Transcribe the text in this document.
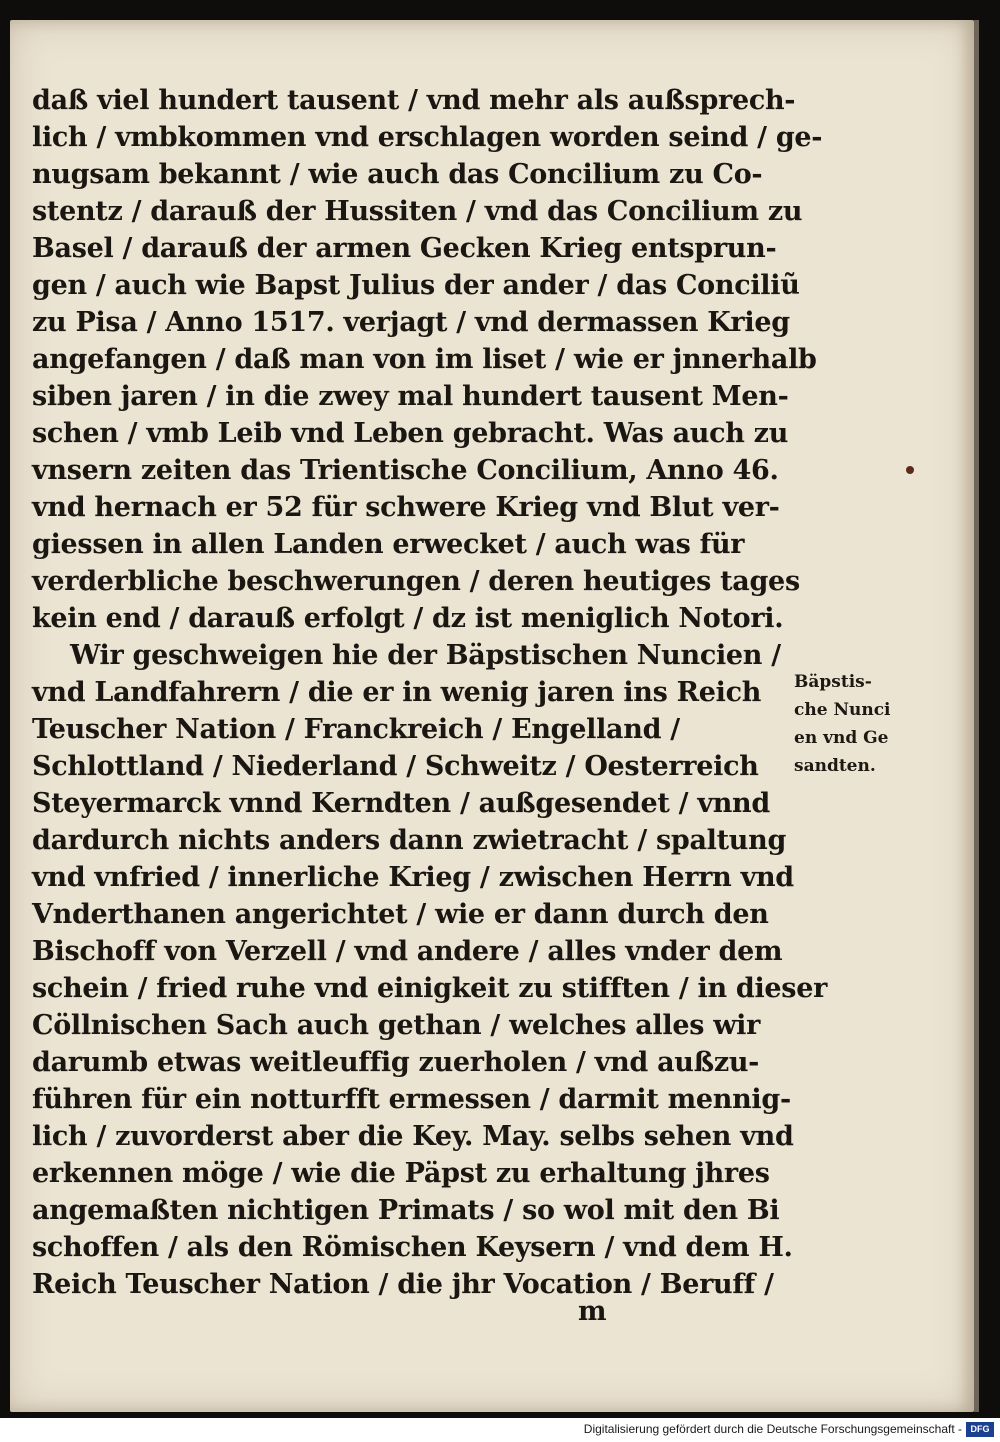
daß viel hundert tausent / vnd mehr als außsprech-
lich / vmbkommen vnd erschlagen worden seind / ge-
nugsam bekannt / wie auch das Concilium zu Co-
stentz / darauß der Hussiten / vnd das Concilium zu
Basel / darauß der armen Gecken Krieg entsprun-
gen / auch wie Bapst Julius der ander / das Conciliũ
zu Pisa / Anno 1517. verjagt / vnd dermassen Krieg
angefangen / daß man von im liset / wie er jnnerhalb
siben jaren / in die zwey mal hundert tausent Men-
schen / vmb Leib vnd Leben gebracht. Was auch zu
vnsern zeiten das Trientische Concilium, Anno 46.
vnd hernach er 52 für schwere Krieg vnd Blut ver-
giessen in allen Landen erwecket / auch was für
verderbliche beschwerungen / deren heutiges tages
kein end / darauß erfolgt / dz ist meniglich Notori.
Wir geschweigen hie der Bäpstischen Nuncien /
vnd Landfahrern / die er in wenig jaren ins Reich
Teuscher Nation / Franckreich / Engelland /
Schlottland / Niederland / Schweitz / Oesterreich
Steyermarck vnnd Kerndten / außgesendet / vnnd
dardurch nichts anders dann zwietracht / spaltung
vnd vnfried / innerliche Krieg / zwischen Herrn vnd
Vnderthanen angerichtet / wie er dann durch den
Bischoff von Verzell / vnd andere / alles vnder dem
schein / fried ruhe vnd einigkeit zu stifften / in dieser
Cöllnischen Sach auch gethan / welches alles wir
darumb etwas weitleuffig zuerholen / vnd außzu-
führen für ein notturfft ermessen / darmit mennig-
lich / zuvorderst aber die Key. May. selbs sehen vnd
erkennen möge / wie die Päpst zu erhaltung jhres
angemaßten nichtigen Primats / so wol mit den Bi
schoffen / als den Römischen Keysern / vnd dem H.
Reich Teuscher Nation / die jhr Vocation / Beruff /
Bäpstis-
che Nunci
en vnd Ge
sandten.
m
Digitalisierung gefördert durch die Deutsche Forschungsgemeinschaft - DFG
